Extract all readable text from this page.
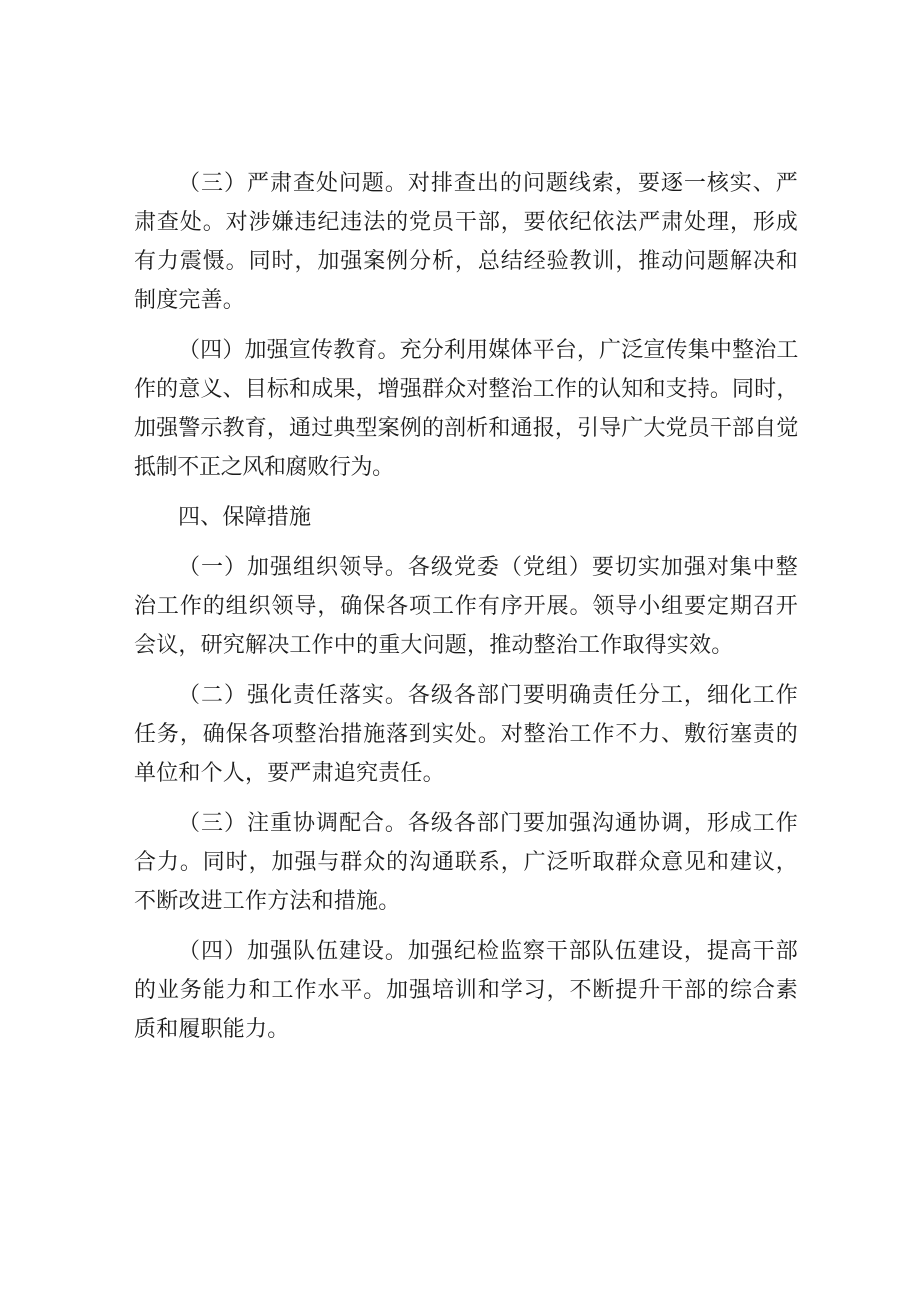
（三）严肃查处问题。对排查出的问题线索，要逐一核实、严肃查处。对涉嫌违纪违法的党员干部，要依纪依法严肃处理，形成有力震慑。同时，加强案例分析，总结经验教训，推动问题解决和制度完善。

（四）加强宣传教育。充分利用媒体平台，广泛宣传集中整治工作的意义、目标和成果，增强群众对整治工作的认知和支持。同时，加强警示教育，通过典型案例的剖析和通报，引导广大党员干部自觉抵制不正之风和腐败行为。

四、保障措施

（一）加强组织领导。各级党委（党组）要切实加强对集中整治工作的组织领导，确保各项工作有序开展。领导小组要定期召开会议，研究解决工作中的重大问题，推动整治工作取得实效。

（二）强化责任落实。各级各部门要明确责任分工，细化工作任务，确保各项整治措施落到实处。对整治工作不力、敷衍塞责的单位和个人，要严肃追究责任。

（三）注重协调配合。各级各部门要加强沟通协调，形成工作合力。同时，加强与群众的沟通联系，广泛听取群众意见和建议，不断改进工作方法和措施。

（四）加强队伍建设。加强纪检监察干部队伍建设，提高干部的业务能力和工作水平。加强培训和学习，不断提升干部的综合素质和履职能力。
